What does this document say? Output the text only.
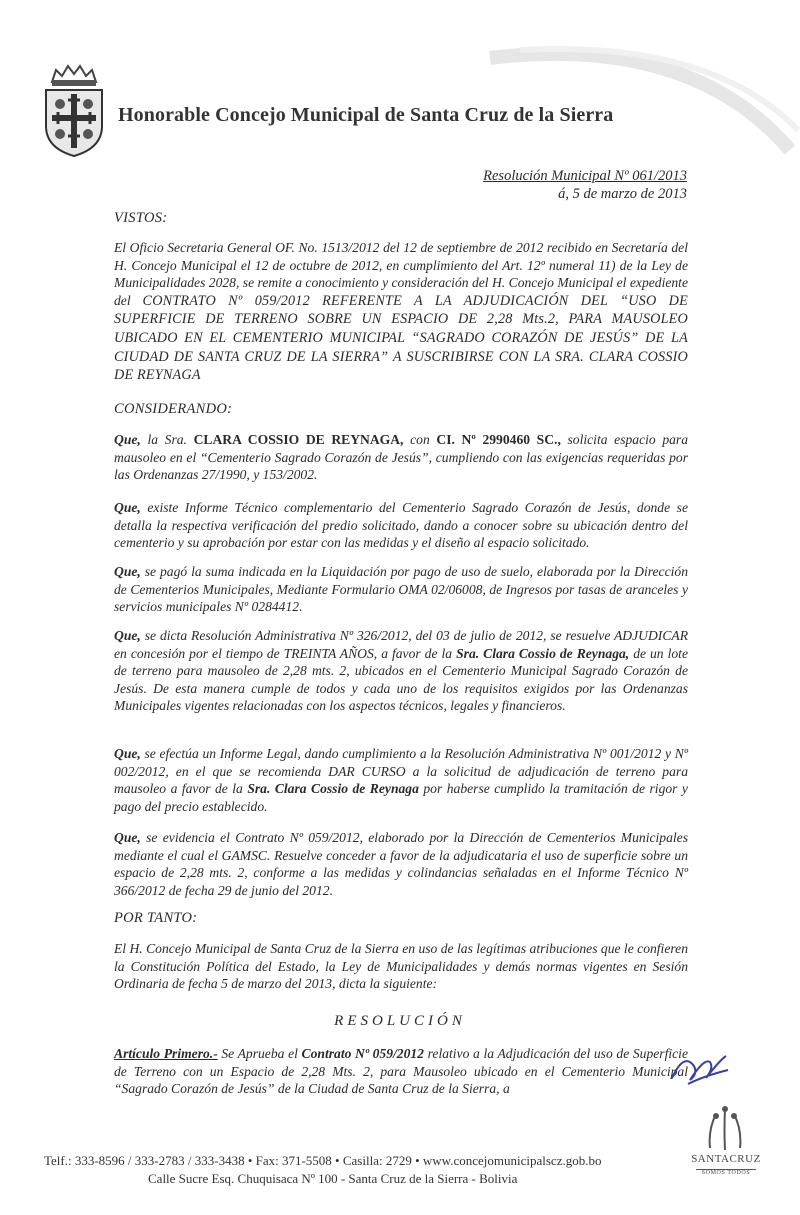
Honorable Concejo Municipal de Santa Cruz de la Sierra
Resolución Municipal Nº 061/2013
á, 5 de marzo de 2013
VISTOS:
El Oficio Secretaria General OF. No. 1513/2012 del 12 de septiembre de 2012 recibido en Secretaría del H. Concejo Municipal el 12 de octubre de 2012, en cumplimiento del Art. 12º numeral 11) de la Ley de Municipalidades 2028, se remite a conocimiento y consideración del H. Concejo Municipal el expediente del CONTRATO Nº 059/2012 REFERENTE A LA ADJUDICACIÓN DEL “USO DE SUPERFICIE DE TERRENO SOBRE UN ESPACIO DE 2,28 Mts.2, PARA MAUSOLEO UBICADO EN EL CEMENTERIO MUNICIPAL “SAGRADO CORAZÓN DE JESÚS” DE LA CIUDAD DE SANTA CRUZ DE LA SIERRA” A SUSCRIBIRSE CON LA SRA. CLARA COSSIO DE REYNAGA
CONSIDERANDO:
Que, la Sra. CLARA COSSIO DE REYNAGA, con CI. Nº 2990460 SC., solicita espacio para mausoleo en el “Cementerio Sagrado Corazón de Jesús”, cumpliendo con las exigencias requeridas por las Ordenanzas 27/1990, y 153/2002.
Que, existe Informe Técnico complementario del Cementerio Sagrado Corazón de Jesús, donde se detalla la respectiva verificación del predio solicitado, dando a conocer sobre su ubicación dentro del cementerio y su aprobación por estar con las medidas y el diseño al espacio solicitado.
Que, se pagó la suma indicada en la Liquidación por pago de uso de suelo, elaborada por la Dirección de Cementerios Municipales, Mediante Formulario OMA 02/06008, de Ingresos por tasas de aranceles y servicios municipales Nº 0284412.
Que, se dicta Resolución Administrativa Nº 326/2012, del 03 de julio de 2012, se resuelve ADJUDICAR en concesión por el tiempo de TREINTA AÑOS, a favor de la Sra. Clara Cossio de Reynaga, de un lote de terreno para mausoleo de 2,28 mts. 2, ubicados en el Cementerio Municipal Sagrado Corazón de Jesús. De esta manera cumple de todos y cada uno de los requisitos exigidos por las Ordenanzas Municipales vigentes relacionadas con los aspectos técnicos, legales y financieros.
Que, se efectúa un Informe Legal, dando cumplimiento a la Resolución Administrativa Nº 001/2012 y Nº 002/2012, en el que se recomienda DAR CURSO a la solicitud de adjudicación de terreno para mausoleo a favor de la Sra. Clara Cossio de Reynaga por haberse cumplido la tramitación de rigor y pago del precio establecido.
Que, se evidencia el Contrato Nº 059/2012, elaborado por la Dirección de Cementerios Municipales mediante el cual el GAMSC. Resuelve conceder a favor de la adjudicataria el uso de superficie sobre un espacio de 2,28 mts. 2, conforme a las medidas y colindancias señaladas en el Informe Técnico Nº 366/2012 de fecha 29 de junio del 2012.
POR TANTO:
El H. Concejo Municipal de Santa Cruz de la Sierra en uso de las legítimas atribuciones que le confieren la Constitución Política del Estado, la Ley de Municipalidades y demás normas vigentes en Sesión Ordinaria de fecha 5 de marzo del 2013, dicta la siguiente:
RESOLUCIÓN
Artículo Primero.- Se Aprueba el Contrato Nº 059/2012 relativo a la Adjudicación del uso de Superficie de Terreno con un Espacio de 2,28 Mts. 2, para Mausoleo ubicado en el Cementerio Municipal “Sagrado Corazón de Jesús” de la Ciudad de Santa Cruz de la Sierra, a
Telf.: 333-8596 / 333-2783 / 333-3438 • Fax: 371-5508 • Casilla: 2729 • www.concejomunicipalscz.gob.bo
Calle Sucre Esq. Chuquisaca Nº 100 - Santa Cruz de la Sierra - Bolivia
SANTACRUZ
SOMOS TODOS
